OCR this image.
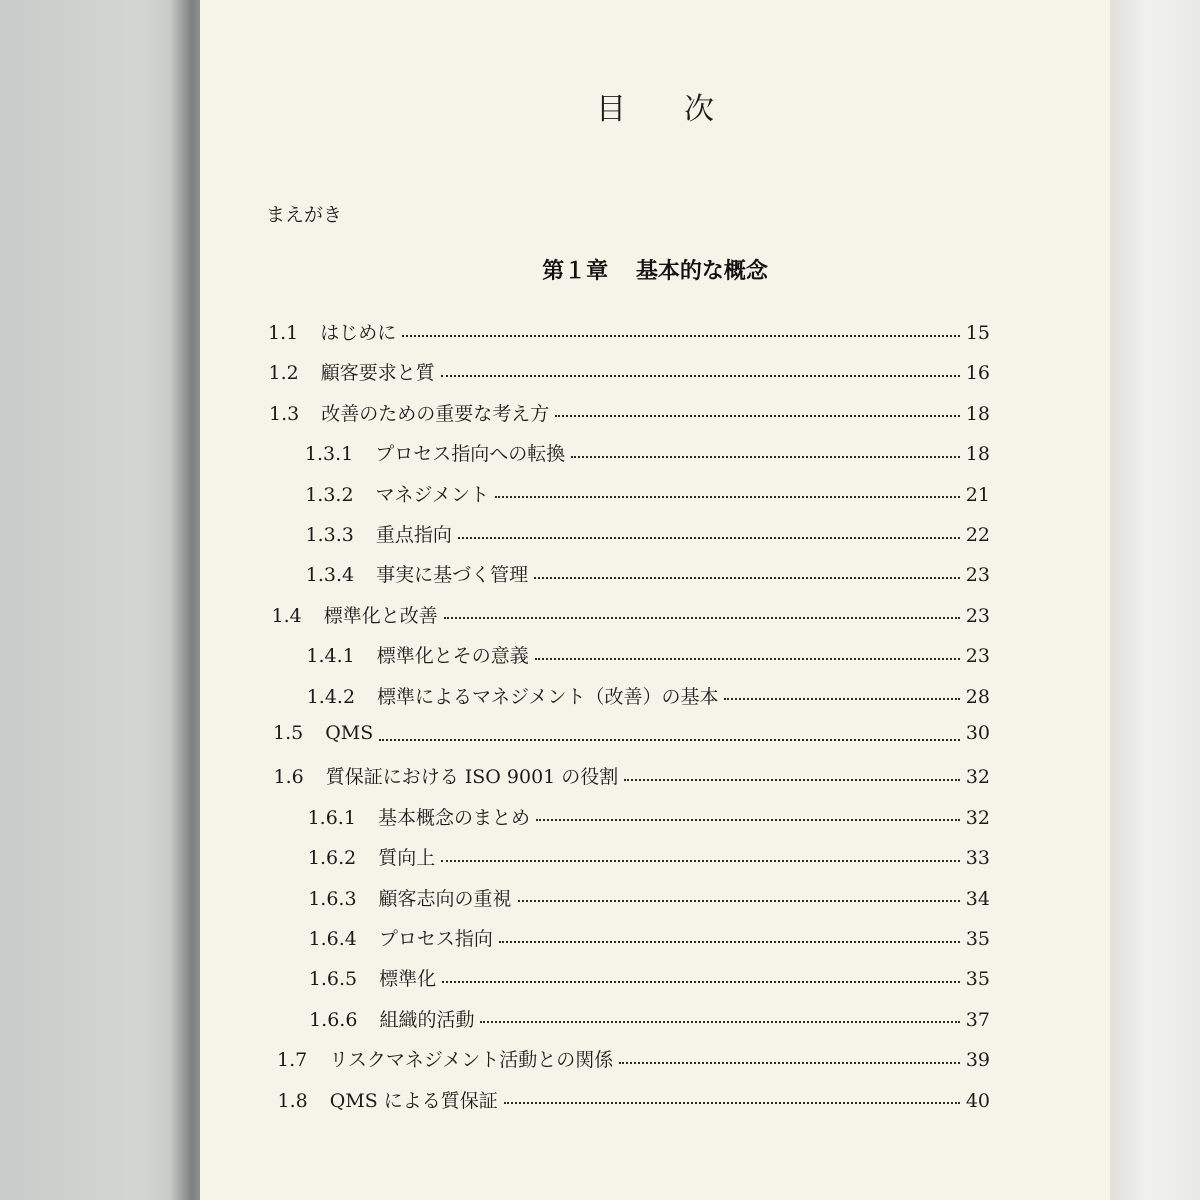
目次
まえがき
第１章 基本的な概念
1.1 はじめに	15
1.2 顧客要求と質	16
1.3 改善のための重要な考え方	18
1.3.1 プロセス指向への転換	18
1.3.2 マネジメント	21
1.3.3 重点指向	22
1.3.4 事実に基づく管理	23
1.4 標準化と改善	23
1.4.1 標準化とその意義	23
1.4.2 標準によるマネジメント（改善）の基本	28
1.5 QMS	30
1.6 質保証における ISO 9001 の役割	32
1.6.1 基本概念のまとめ	32
1.6.2 質向上	33
1.6.3 顧客志向の重視	34
1.6.4 プロセス指向	35
1.6.5 標準化	35
1.6.6 組織的活動	37
1.7 リスクマネジメント活動との関係	39
1.8 QMS による質保証	40
